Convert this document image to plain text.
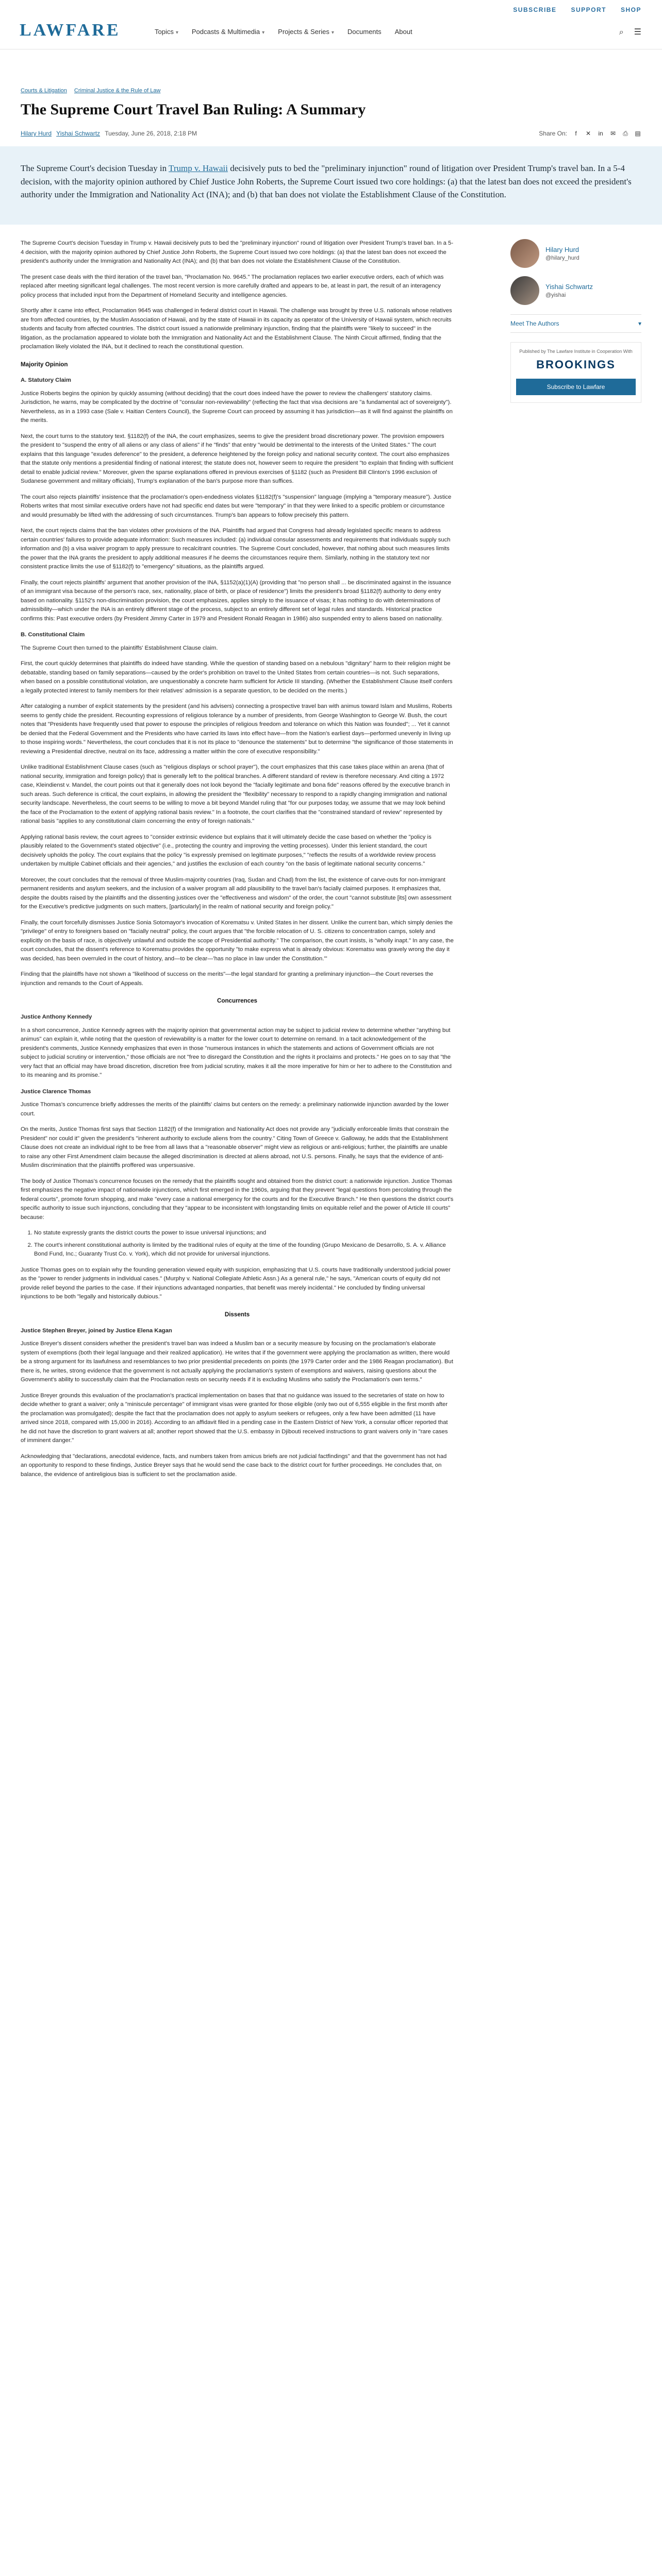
LAWFARE
SUBSCRIBE SUPPORT SHOP
Topics ▾ Podcasts & Multimedia ▾ Projects & Series ▾ Documents About	⌕ ☰
Courts & Litigation Criminal Justice & the Rule of Law
The Supreme Court Travel Ban Ruling: A Summary
Hilary Hurd Yishai Schwartz Tuesday, June 26, 2018, 2:18 PM	Share On:	f	✕ in ✉ ⎙ ▤

The Supreme Court's decision Tuesday in Trump v. Hawaii decisively puts to bed the "preliminary injunction" round of litigation over President Trump's travel ban. In a 5-4 decision, with the majority opinion authored by Chief Justice John Roberts, the Supreme Court issued two core holdings: (a) that the latest ban does not exceed the president's authority under the Immigration and Nationality Act (INA); and (b) that ban does not violate the Establishment Clause of the Constitution.

The Supreme Court's decision Tuesday in Trump v. Hawaii decisively puts to bed the "preliminary injunction" round of litigation over President Trump's travel ban. In a 5-4 decision, with the majority opinion authored by Chief Justice John Roberts, the Supreme Court issued two core holdings: (a) that the latest ban does not exceed the president's authority under the Immigration and Nationality Act (INA); and (b) that ban does not violate the Establishment Clause of the Constitution.

The present case deals with the third iteration of the travel ban, "Proclamation No. 9645." The proclamation replaces two earlier executive orders, each of which was replaced after meeting significant legal challenges. The most recent version is more carefully drafted and appears to be, at least in part, the result of an interagency policy process that included input from the Department of Homeland Security and intelligence agencies.

Shortly after it came into effect, Proclamation 9645 was challenged in federal district court in Hawaii. The challenge was brought by three U.S. nationals whose relatives are from affected countries, by the Muslim Association of Hawaii, and by the state of Hawaii in its capacity as operator of the University of Hawaii system, which recruits students and faculty from affected countries. The district court issued a nationwide preliminary injunction, finding that the plaintiffs were "likely to succeed" in the litigation, as the proclamation appeared to violate both the Immigration and Nationality Act and the Establishment Clause. The Ninth Circuit affirmed, finding that the proclamation likely violated the INA, but it declined to reach the constitutional question.

Majority Opinion
A. Statutory Claim

Justice Roberts begins the opinion by quickly assuming (without deciding) that the court does indeed have the power to review the challengers' statutory claims. Jurisdiction, he warns, may be complicated by the doctrine of "consular non-reviewability" (reflecting the fact that visa decisions are "a fundamental act of sovereignty"). Nevertheless, as in a 1993 case (Sale v. Haitian Centers Council), the Supreme Court can proceed by assuming it has jurisdiction—as it will find against the plaintiffs on the merits.

Next, the court turns to the statutory text. §1182(f) of the INA, the court emphasizes, seems to give the president broad discretionary power. The provision empowers the president to "suspend the entry of all aliens or any class of aliens" if he "finds" that entry "would be detrimental to the interests of the United States." The court explains that this language "exudes deference" to the president, a deference heightened by the foreign policy and national security context. The court also emphasizes that the statute only mentions a presidential finding of national interest; the statute does not, however seem to require the president "to explain that finding with sufficient detail to enable judicial review." Moreover, given the sparse explanations offered in previous exercises of §1182 (such as President Bill Clinton's 1996 exclusion of Sudanese government and military officials), Trump's explanation of the ban's purpose more than suffices.

The court also rejects plaintiffs' insistence that the proclamation's open-endedness violates §1182(f)'s "suspension" language (implying a "temporary measure"). Justice Roberts writes that most similar executive orders have not had specific end dates but were "temporary" in that they were linked to a specific problem or circumstance and would presumably be lifted with the addressing of such circumstances. Trump's ban appears to follow precisely this pattern.

Next, the court rejects claims that the ban violates other provisions of the INA. Plaintiffs had argued that Congress had already legislated specific means to address certain countries' failures to provide adequate information: Such measures included: (a) individual consular assessments and requirements that individuals supply such information and (b) a visa waiver program to apply pressure to recalcitrant countries. The Supreme Court concluded, however, that nothing about such measures limits the power that the INA grants the president to apply additional measures if he deems the circumstances require them. Similarly, nothing in the statutory text nor consistent practice limits the use of §1182(f) to "emergency" situations, as the plaintiffs argued.

Finally, the court rejects plaintiffs' argument that another provision of the INA, §1152(a)(1)(A) (providing that "no person shall ... be discriminated against in the issuance of an immigrant visa because of the person's race, sex, nationality, place of birth, or place of residence") limits the president's broad §1182(f) authority to deny entry based on nationality. §1152's non-discrimination provision, the court emphasizes, applies simply to the issuance of visas; it has nothing to do with determinations of admissibility—which under the INA is an entirely different stage of the process, subject to an entirely different set of legal rules and standards. Historical practice confirms this: Past executive orders (by President Jimmy Carter in 1979 and President Ronald Reagan in 1986) also suspended entry to aliens based on nationality.

B. Constitutional Claim

The Supreme Court then turned to the plaintiffs' Establishment Clause claim.

First, the court quickly determines that plaintiffs do indeed have standing. While the question of standing based on a nebulous "dignitary" harm to their religion might be debatable, standing based on family separations—caused by the order's prohibition on travel to the United States from certain countries—is not. Such separations, when based on a possible constitutional violation, are unquestionably a concrete harm sufficient for Article III standing. (Whether the Establishment Clause itself confers a legally protected interest to family members for their relatives' admission is a separate question, to be decided on the merits.)

After cataloging a number of explicit statements by the president (and his advisers) connecting a prospective travel ban with animus toward Islam and Muslims, Roberts seems to gently chide the president. Recounting expressions of religious tolerance by a number of presidents, from George Washington to George W. Bush, the court notes that "Presidents have frequently used that power to espouse the principles of religious freedom and tolerance on which this Nation was founded"; ... Yet it cannot be denied that the Federal Government and the Presidents who have carried its laws into effect have—from the Nation's earliest days—performed unevenly in living up to those inspiring words." Nevertheless, the court concludes that it is not its place to "denounce the statements" but to determine "the significance of those statements in reviewing a Presidential directive, neutral on its face, addressing a matter within the core of executive responsibility."

Unlike traditional Establishment Clause cases (such as "religious displays or school prayer"), the court emphasizes that this case takes place within an arena (that of national security, immigration and foreign policy) that is generally left to the political branches. A different standard of review is therefore necessary. And citing a 1972 case, Kleindienst v. Mandel, the court points out that it generally does not look beyond the "facially legitimate and bona fide" reasons offered by the executive branch in such areas. Such deference is critical, the court explains, in allowing the president the "flexibility" necessary to respond to a rapidly changing immigration and national security landscape. Nevertheless, the court seems to be willing to move a bit beyond Mandel ruling that "for our purposes today, we assume that we may look behind the face of the Proclamation to the extent of applying rational basis review." In a footnote, the court clarifies that the "constrained standard of review" represented by rational basis "applies to any constitutional claim concerning the entry of foreign nationals."

Applying rational basis review, the court agrees to "consider extrinsic evidence but explains that it will ultimately decide the case based on whether the "policy is plausibly related to the Government's stated objective" (i.e., protecting the country and improving the vetting processes). Under this lenient standard, the court decisively upholds the policy. The court explains that the policy "is expressly premised on legitimate purposes," "reflects the results of a worldwide review process undertaken by multiple Cabinet officials and their agencies," and justifies the exclusion of each country "on the basis of legitimate national security concerns."

Moreover, the court concludes that the removal of three Muslim-majority countries (Iraq, Sudan and Chad) from the list, the existence of carve-outs for non-immigrant permanent residents and asylum seekers, and the inclusion of a waiver program all add plausibility to the travel ban's facially claimed purposes. It emphasizes that, despite the doubts raised by the plaintiffs and the dissenting justices over the "effectiveness and wisdom" of the order, the court "cannot substitute [its] own assessment for the Executive's predictive judgments on such matters, [particularly] in the realm of national security and foreign policy."

Finally, the court forcefully dismisses Justice Sonia Sotomayor's invocation of Korematsu v. United States in her dissent. Unlike the current ban, which simply denies the "privilege" of entry to foreigners based on "facially neutral" policy, the court argues that "the forcible relocation of U. S. citizens to concentration camps, solely and explicitly on the basis of race, is objectively unlawful and outside the scope of Presidential authority." The comparison, the court insists, is "wholly inapt." In any case, the court concludes, that the dissent's reference to Korematsu provides the opportunity "to make express what is already obvious: Korematsu was gravely wrong the day it was decided, has been overruled in the court of history, and—to be clear—'has no place in law under the Constitution.'"

Finding that the plaintiffs have not shown a "likelihood of success on the merits"—the legal standard for granting a preliminary injunction—the Court reverses the injunction and remands to the Court of Appeals.

Concurrences
Justice Anthony Kennedy

In a short concurrence, Justice Kennedy agrees with the majority opinion that governmental action may be subject to judicial review to determine whether "anything but animus" can explain it, while noting that the question of reviewability is a matter for the lower court to determine on remand. In a tacit acknowledgement of the president's comments, Justice Kennedy emphasizes that even in those "numerous instances in which the statements and actions of Government officials are not subject to judicial scrutiny or intervention," those officials are not "free to disregard the Constitution and the rights it proclaims and protects." He goes on to say that "the very fact that an official may have broad discretion, discretion free from judicial scrutiny, makes it all the more imperative for him or her to adhere to the Constitution and to its meaning and its promise."

Justice Clarence Thomas

Justice Thomas's concurrence briefly addresses the merits of the plaintiffs' claims but centers on the remedy: a preliminary nationwide injunction awarded by the lower court.

On the merits, Justice Thomas first says that Section 1182(f) of the Immigration and Nationality Act does not provide any "judicially enforceable limits that constrain the President" nor could it" given the president's "inherent authority to exclude aliens from the country." Citing Town of Greece v. Galloway, he adds that the Establishment Clause does not create an individual right to be free from all laws that a "reasonable observer" might view as religious or anti-religious; further, the plaintiffs are unable to raise any other First Amendment claim because the alleged discrimination is directed at aliens abroad, not U.S. persons. Finally, he says that the evidence of anti-Muslim discrimination that the plaintiffs proffered was unpersuasive.

The body of Justice Thomas's concurrence focuses on the remedy that the plaintiffs sought and obtained from the district court: a nationwide injunction. Justice Thomas first emphasizes the negative impact of nationwide injunctions, which first emerged in the 1960s, arguing that they prevent "legal questions from percolating through the federal courts", promote forum shopping, and make "every case a national emergency for the courts and for the Executive Branch." He then questions the district court's specific authority to issue such injunctions, concluding that they "appear to be inconsistent with longstanding limits on equitable relief and the power of Article III courts" because:

1. No statute expressly grants the district courts the power to issue universal injunctions; and
2. The court's inherent constitutional authority is limited by the traditional rules of equity at the time of the founding (Grupo Mexicano de Desarrollo, S. A. v. Alliance Bond Fund, Inc.; Guaranty Trust Co. v. York), which did not provide for universal injunctions.

Justice Thomas goes on to explain why the founding generation viewed equity with suspicion, emphasizing that U.S. courts have traditionally understood judicial power as the "power to render judgments in individual cases." (Murphy v. National Collegiate Athletic Assn.) As a general rule," he says, "American courts of equity did not provide relief beyond the parties to the case. If their injunctions advantaged nonparties, that benefit was merely incidental." He concluded by finding universal injunctions to be both "legally and historically dubious."

Dissents
Justice Stephen Breyer, joined by Justice Elena Kagan

Justice Breyer's dissent considers whether the president's travel ban was indeed a Muslim ban or a security measure by focusing on the proclamation's elaborate system of exemptions (both their legal language and their realized application). He writes that if the government were applying the proclamation as written, there would be a strong argument for its lawfulness and resemblances to two prior presidential precedents on points (the 1979 Carter order and the 1986 Reagan proclamation). But there is, he writes, strong evidence that the government is not actually applying the proclamation's system of exemptions and waivers, raising questions about the Government's ability to successfully claim that the Proclamation rests on security needs if it is excluding Muslims who satisfy the Proclamation's own terms."

Justice Breyer grounds this evaluation of the proclamation's practical implementation on bases that that no guidance was issued to the secretaries of state on how to decide whether to grant a waiver; only a "miniscule percentage" of immigrant visas were granted for those eligible (only two out of 6,555 eligible in the first month after the proclamation was promulgated); despite the fact that the proclamation does not apply to asylum seekers or refugees, only a few have been admitted (11 have arrived since 2018, compared with 15,000 in 2016). According to an affidavit filed in a pending case in the Eastern District of New York, a consular officer reported that he did not have the discretion to grant waivers at all; another report showed that the U.S. embassy in Djibouti received instructions to grant waivers only in "rare cases of imminent danger."

Acknowledging that "declarations, anecdotal evidence, facts, and numbers taken from amicus briefs are not judicial factfindings" and that the government has not had an opportunity to respond to these findings, Justice Breyer says that he would send the case back to the district court for further proceedings. He concludes that, on balance, the evidence of antireligious bias is sufficient to set the proclamation aside.

Hilary Hurd
@hilary_hurd
Yishai Schwartz
@yishai
Meet The Authors	▾
Published by The Lawfare Institute in Cooperation With
BROOKINGS
Subscribe to Lawfare
